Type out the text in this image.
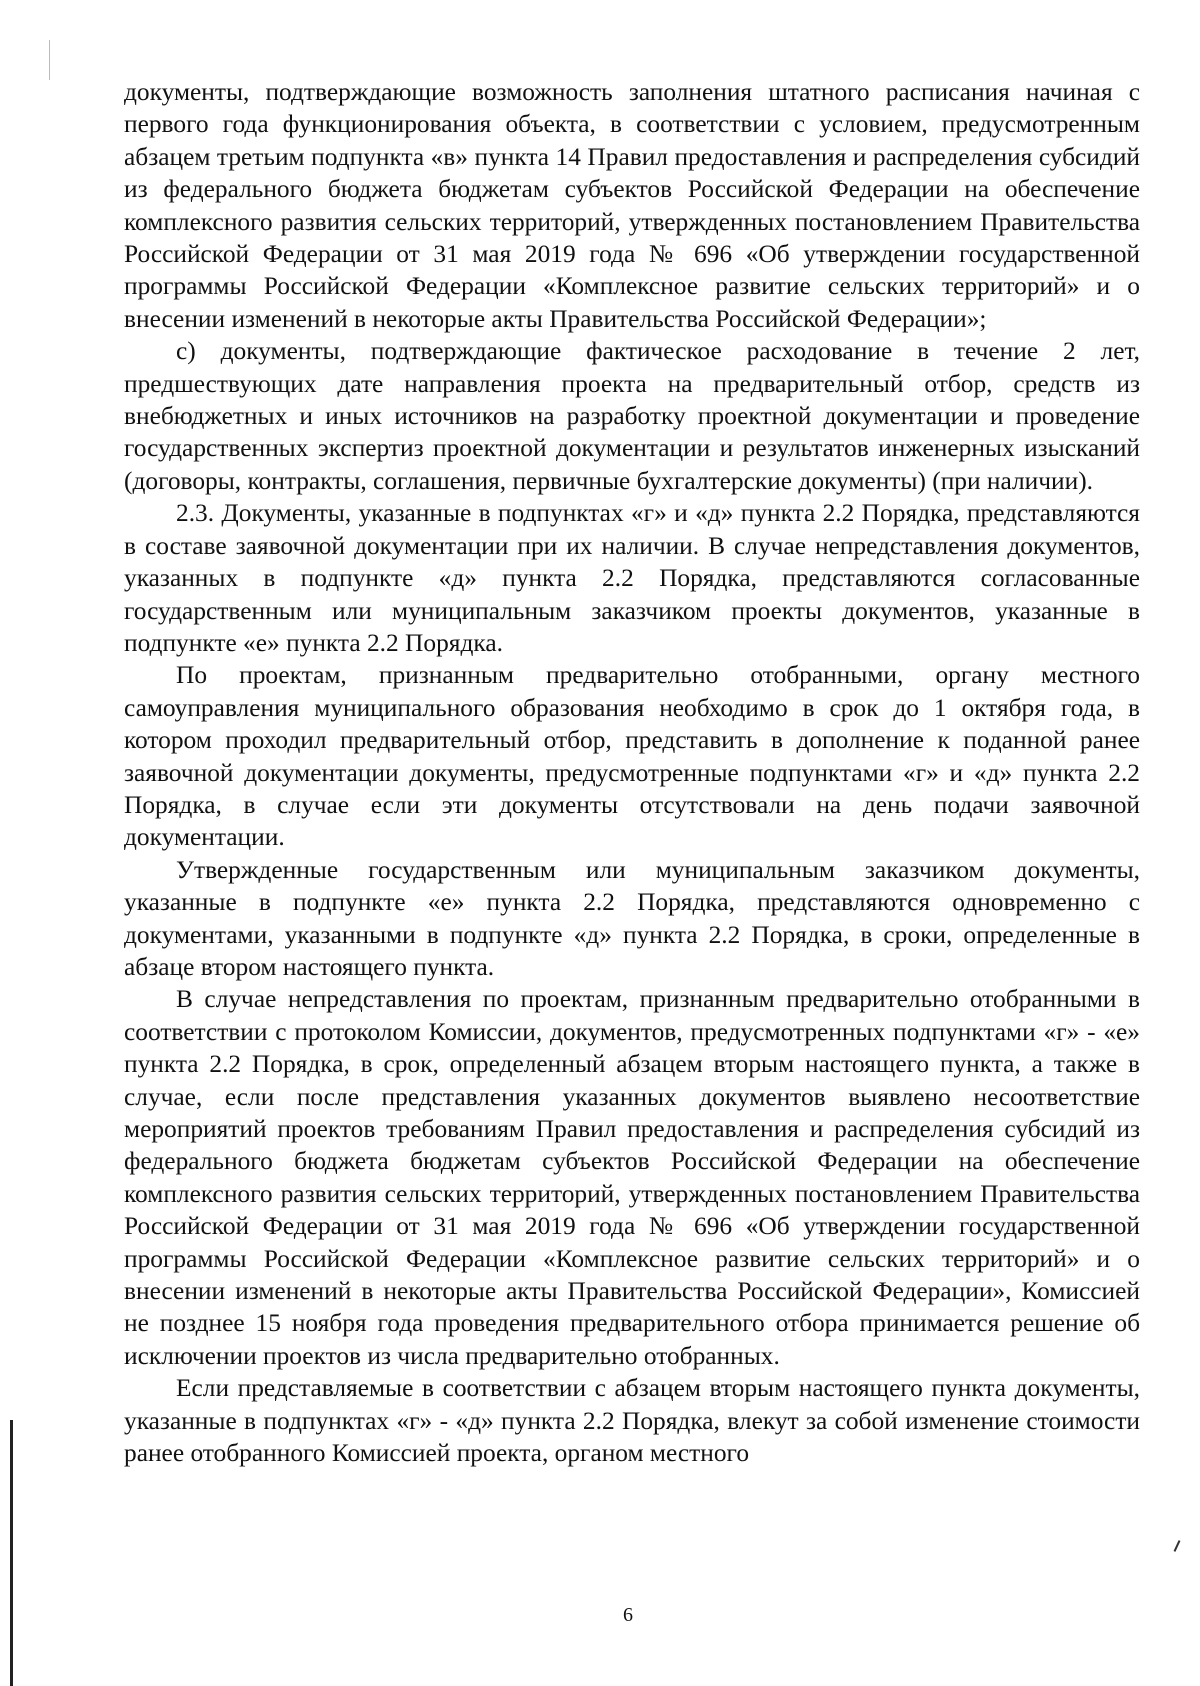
документы, подтверждающие возможность заполнения штатного расписания начиная с первого года функционирования объекта, в соответствии с условием, предусмотренным абзацем третьим подпункта «в» пункта 14 Правил предоставления и распределения субсидий из федерального бюджета бюджетам субъектов Российской Федерации на обеспечение комплексного развития сельских территорий, утвержденных постановлением Правительства Российской Федерации от 31 мая 2019 года № 696 «Об утверждении государственной программы Российской Федерации «Комплексное развитие сельских территорий» и о внесении изменений в некоторые акты Правительства Российской Федерации»;

с) документы, подтверждающие фактическое расходование в течение 2 лет, предшествующих дате направления проекта на предварительный отбор, средств из внебюджетных и иных источников на разработку проектной документации и проведение государственных экспертиз проектной документации и результатов инженерных изысканий (договоры, контракты, соглашения, первичные бухгалтерские документы) (при наличии).

2.3. Документы, указанные в подпунктах «г» и «д» пункта 2.2 Порядка, представляются в составе заявочной документации при их наличии. В случае непредставления документов, указанных в подпункте «д» пункта 2.2 Порядка, представляются согласованные государственным или муниципальным заказчиком проекты документов, указанные в подпункте «е» пункта 2.2 Порядка.

По проектам, признанным предварительно отобранными, органу местного самоуправления муниципального образования необходимо в срок до 1 октября года, в котором проходил предварительный отбор, представить в дополнение к поданной ранее заявочной документации документы, предусмотренные подпунктами «г» и «д» пункта 2.2 Порядка, в случае если эти документы отсутствовали на день подачи заявочной документации.

Утвержденные государственным или муниципальным заказчиком документы, указанные в подпункте «е» пункта 2.2 Порядка, представляются одновременно с документами, указанными в подпункте «д» пункта 2.2 Порядка, в сроки, определенные в абзаце втором настоящего пункта.

В случае непредставления по проектам, признанным предварительно отобранными в соответствии с протоколом Комиссии, документов, предусмотренных подпунктами «г» - «е» пункта 2.2 Порядка, в срок, определенный абзацем вторым настоящего пункта, а также в случае, если после представления указанных документов выявлено несоответствие мероприятий проектов требованиям Правил предоставления и распределения субсидий из федерального бюджета бюджетам субъектов Российской Федерации на обеспечение комплексного развития сельских территорий, утвержденных постановлением Правительства Российской Федерации от 31 мая 2019 года № 696 «Об утверждении государственной программы Российской Федерации «Комплексное развитие сельских территорий» и о внесении изменений в некоторые акты Правительства Российской Федерации», Комиссией не позднее 15 ноября года проведения предварительного отбора принимается решение об исключении проектов из числа предварительно отобранных.

Если представляемые в соответствии с абзацем вторым настоящего пункта документы, указанные в подпунктах «г» - «д» пункта 2.2 Порядка, влекут за собой изменение стоимости ранее отобранного Комиссией проекта, органом местного

6
